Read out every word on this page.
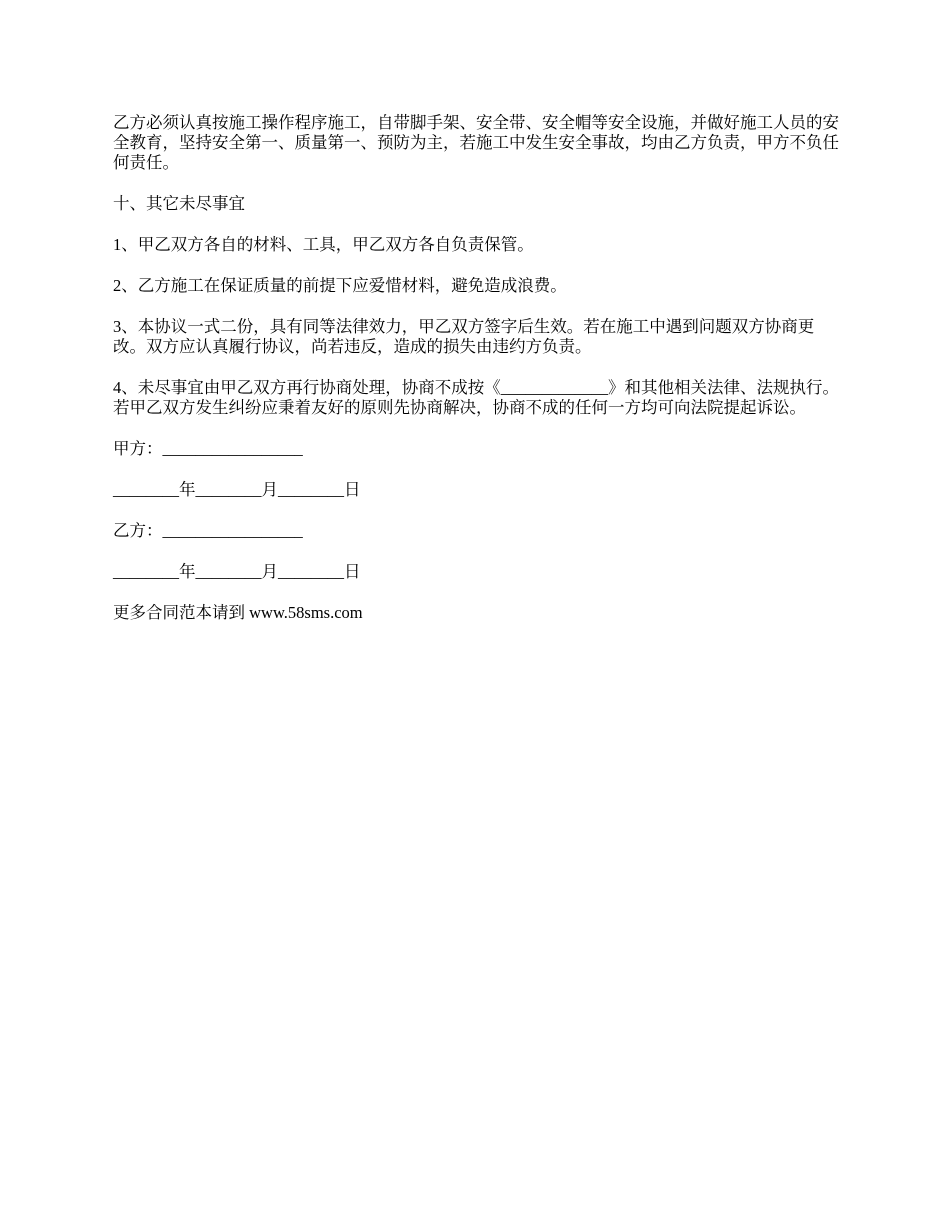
乙方必须认真按施工操作程序施工，自带脚手架、安全带、安全帽等安全设施，并做好施工人员的安全教育，坚持安全第一、质量第一、预防为主，若施工中发生安全事故，均由乙方负责，甲方不负任何责任。

十、其它未尽事宜

1、甲乙双方各自的材料、工具，甲乙双方各自负责保管。

2、乙方施工在保证质量的前提下应爱惜材料，避免造成浪费。

3、本协议一式二份，具有同等法律效力，甲乙双方签字后生效。若在施工中遇到问题双方协商更改。双方应认真履行协议，尚若违反，造成的损失由违约方负责。

4、未尽事宜由甲乙双方再行协商处理，协商不成按《_____________》和其他相关法律、法规执行。若甲乙双方发生纠纷应秉着友好的原则先协商解决，协商不成的任何一方均可向法院提起诉讼。

甲方：_________________

________年________月________日

乙方：_________________

________年________月________日

更多合同范本请到 www.58sms.com
